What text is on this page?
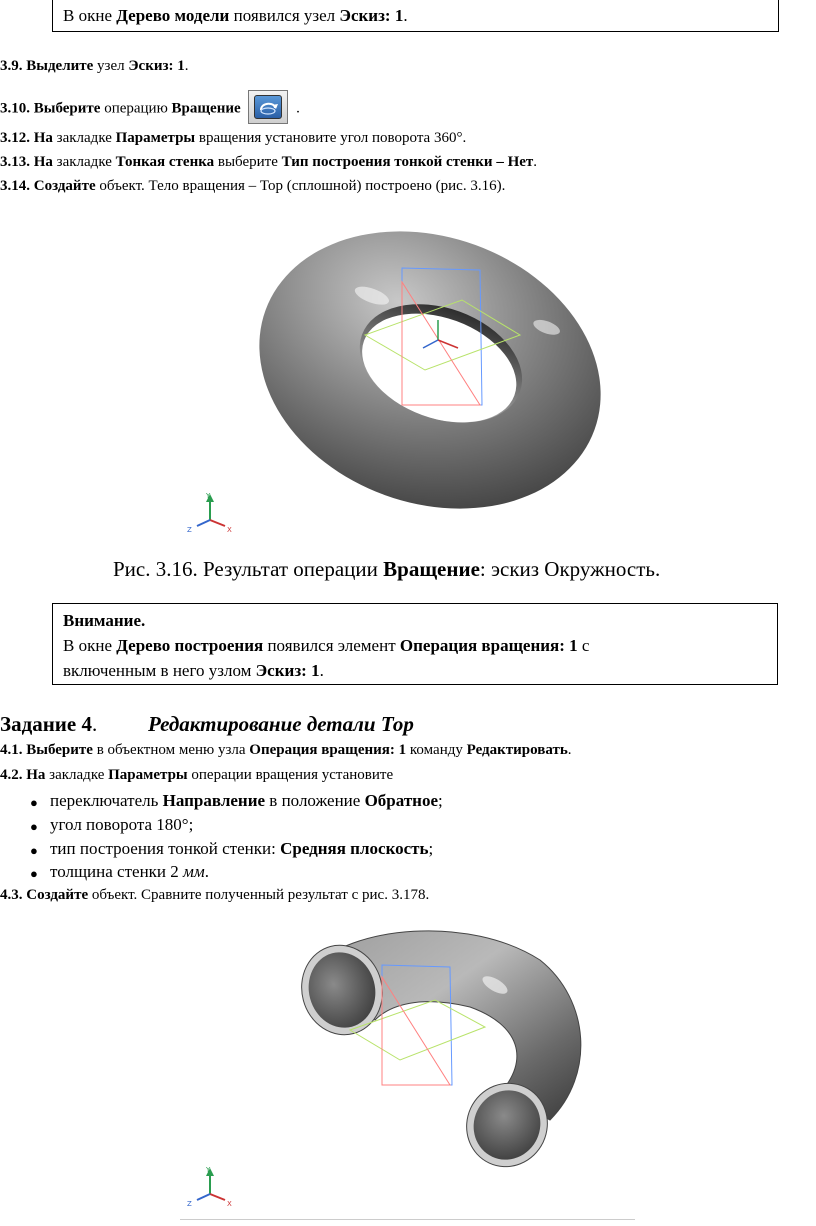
В окне Дерево модели появился узел Эскиз: 1.
3.9. Выделите узел Эскиз: 1.
3.10. Выберите операцию Вращение	.
3.12. На закладке Параметры вращения установите угол поворота 360°.
3.13. На закладке Тонкая стенка выберите Тип построения тонкой стенки – Нет.
3.14. Создайте объект. Тело вращения – Тор (сплошной) построено (рис. 3.16).
Y
Z	X
Рис. 3.16. Результат операции Вращение: эскиз Окружность.
Внимание.
В окне Дерево построения появился элемент Операция вращения: 1 с
включенным в него узлом Эскиз: 1.
Задание 4. Редактирование детали Тор
4.1. Выберите в объектном меню узла Операция вращения: 1 команду Редактировать.
4.2. На закладке Параметры операции вращения установите
● переключатель Направление в положение Обратное;
● угол поворота 180°;
● тип построения тонкой стенки: Средняя плоскость;
● толщина стенки 2 мм.
4.3. Создайте объект. Сравните полученный результат с рис. 3.178.
Y
Z	X
